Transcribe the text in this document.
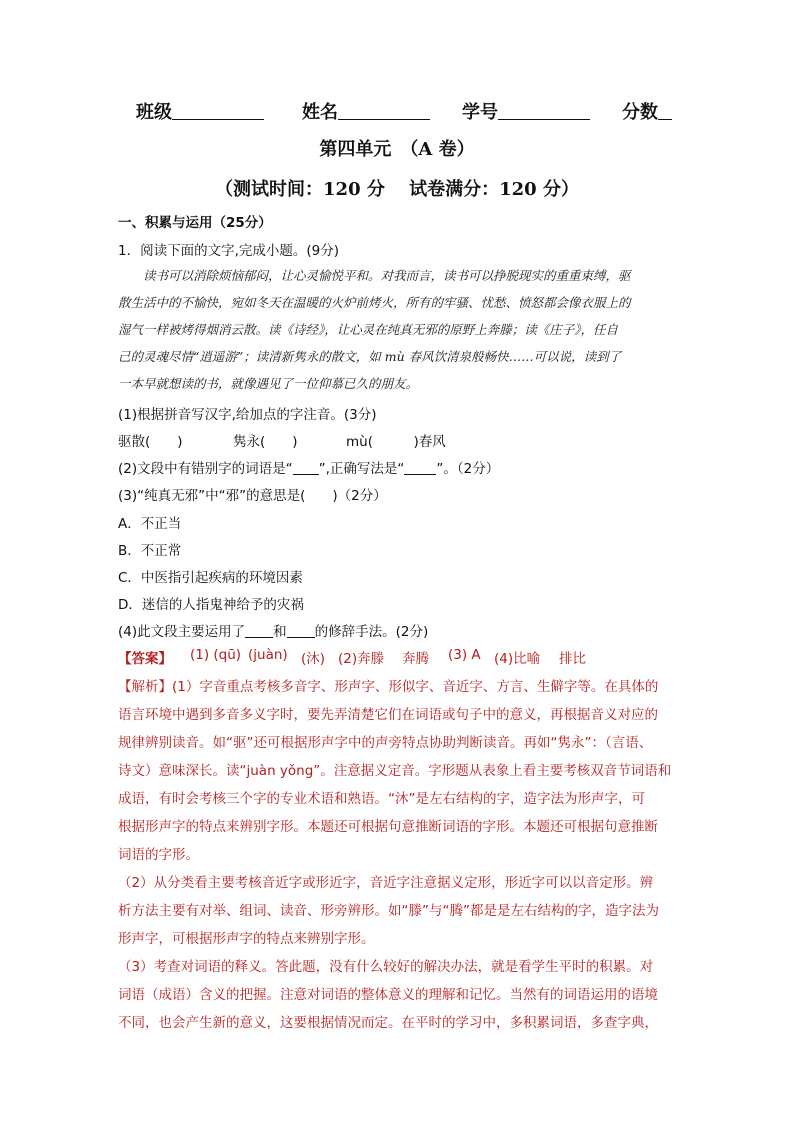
班级	姓名	学号	分数
第四单元　（A 卷）
（测试时间：120 分　 试卷满分：120 分）
一、积累与运用（25分）
1．阅读下面的文字,完成小题。(9分)
　　读书可以消除烦恼郁闷，让心灵愉悦平和。对我而言，读书可以挣脱现实的重重束缚，驱
散生活中的不愉快，宛如冬天在温暖的火炉前烤火，所有的牢骚、忧愁、愤怒都会像衣服上的
湿气一样被烤得烟消云散。读《诗经》，让心灵在纯真无邪的原野上奔滕；读《庄子》，任自
己的灵魂尽情“逍遥游”；读清新隽永的散文，如 mù 春风饮清泉般畅快……可以说，读到了
一本早就想读的书，就像遇见了一位仰慕已久的朋友。
(1)根据拼音写汉字,给加点的字注音。(3分)
驱散(　　)	隽永(　　)	mù(　　　)春风
(2)文段中有错别字的词语是“ ”,正确写法是“ ”。（2分）
(3)“纯真无邪”中“邪”的意思是(　　)（2分）
A．不正当
B．不正常
C．中医指引起疾病的环境因素
D．迷信的人指鬼神给予的灾祸
(4)此文段主要运用了 和 的修辞手法。(2分)
【答案】 (1) (qū) (juàn) (沐) (2)奔滕 奔腾 (3) A (4)比喻 排比
【解析】(1）字音重点考核多音字、形声字、形似字、音近字、方言、生僻字等。在具体的
语言环境中遇到多音多义字时，要先弄清楚它们在词语或句子中的意义，再根据音义对应的
规律辨别读音。如“驱”还可根据形声字中的声旁特点协助判断读音。再如“隽永”：（言语、
诗文）意味深长。读“juàn yǒng”。注意据义定音。字形题从表象上看主要考核双音节词语和
成语，有时会考核三个字的专业术语和熟语。“沐”是左右结构的字，造字法为形声字，可
根据形声字的特点来辨别字形。本题还可根据句意推断词语的字形。本题还可根据句意推断
词语的字形。
（2）从分类看主要考核音近字或形近字，音近字注意据义定形，形近字可以以音定形。辨
析方法主要有对举、组词、读音、形旁辨形。如“滕”与“腾”都是是左右结构的字，造字法为
形声字，可根据形声字的特点来辨别字形。
（3）考查对词语的释义。答此题，没有什么较好的解决办法，就是看学生平时的积累。对
词语（成语）含义的把握。注意对词语的整体意义的理解和记忆。当然有的词语运用的语境
不同，也会产生新的意义，这要根据情况而定。在平时的学习中，多积累词语，多查字典，
